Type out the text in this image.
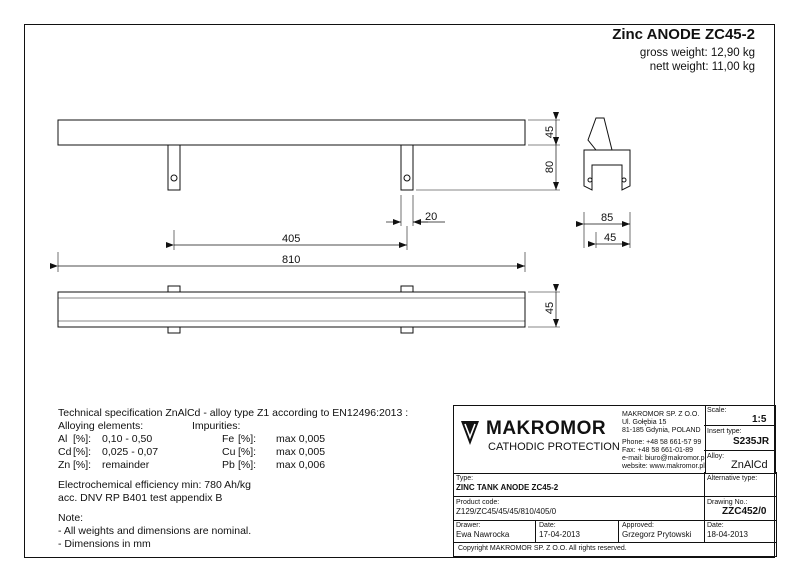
Zinc ANODE ZC45-2
gross weight: 12,90 kg
nett weight: 11,00 kg
45
80
20
405
810
85
45
45
Technical specification ZnAlCd - alloy type Z1 according to EN12496:2013 :
Alloying elements:	Impurities:
Al [%]: 0,10 - 0,50	Fe [%]: max 0,005
Cd [%]: 0,025 - 0,07	Cu [%]: max 0,005
Zn [%]: remainder	Pb [%]: max 0,006
Electrochemical efficiency min: 780 Ah/kg
acc. DNV RP B401 test appendix B
Note:
- All weights and dimensions are nominal.
- Dimensions in mm
MAKROMOR
CATHODIC PROTECTION
MAKROMOR SP. Z O.O.
Ul. Gołębia 15
81-185 Gdynia, POLAND
Phone: +48 58 661-57 99
Fax: +48 58 661-01-89
e-mail: biuro@makromor.pl
website: www.makromor.pl
Scale:
1:5
Insert type:
S235JR
Alloy:
ZnAlCd
Type:
ZINC TANK ANODE ZC45-2
Alternative type:
Product code:
Z129/ZC45/45/45/810/405/0
Drawing No.:
ZZC452/0
Drawer:
Ewa Nawrocka
Date:
17-04-2013
Approved:
Grzegorz Prytowski
Date:
18-04-2013
Copyright MAKROMOR SP. Z O.O. All rights reserved.
